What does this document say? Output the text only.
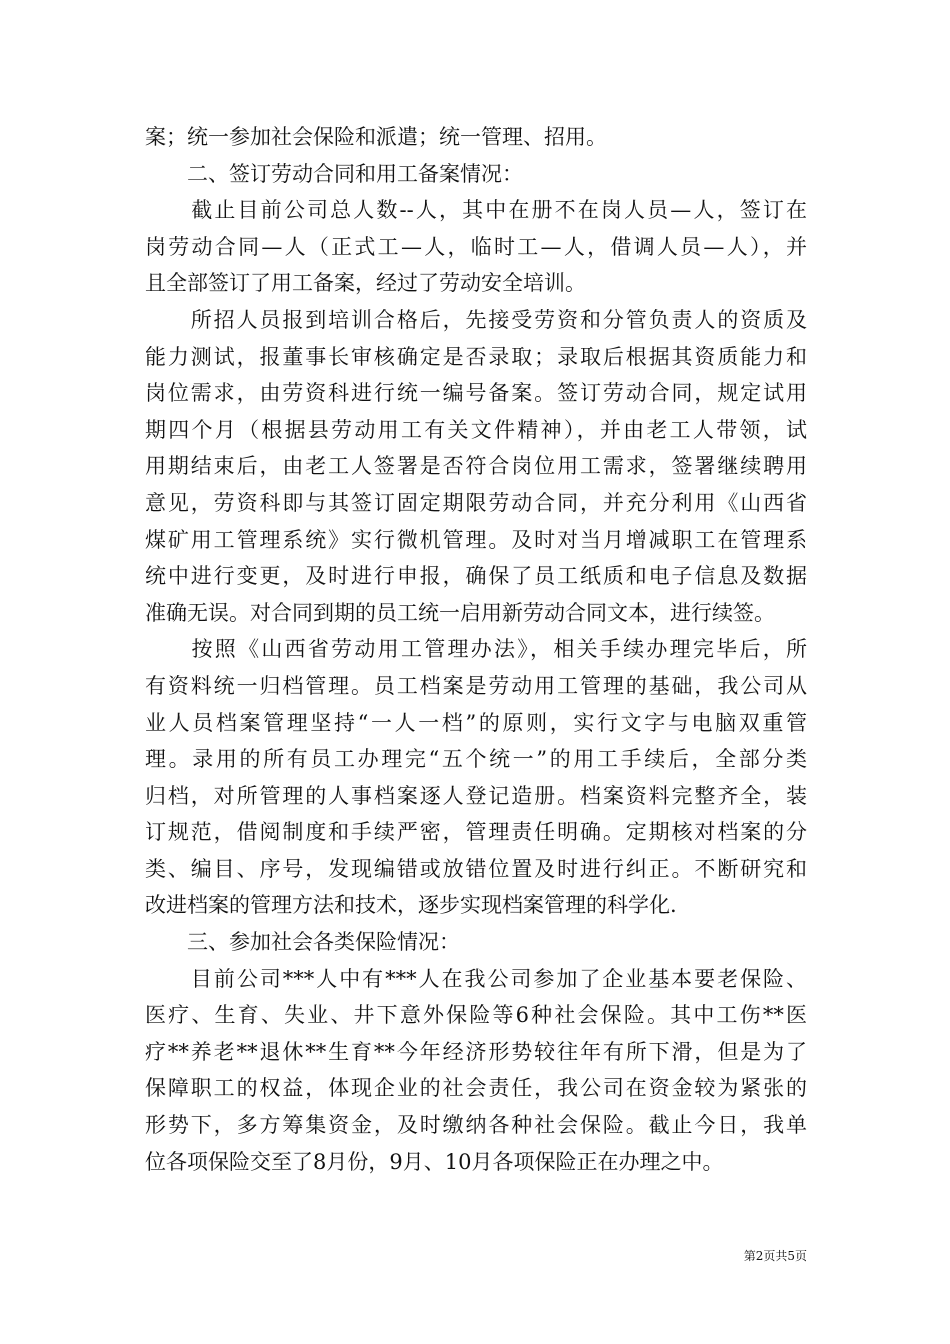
案；统一参加社会保险和派遣；统一管理、招用。
　　二、签订劳动合同和用工备案情况：
　　截止目前公司总人数--人，其中在册不在岗人员—人，签订在
岗劳动合同—人（正式工—人，临时工—人，借调人员—人），并
且全部签订了用工备案，经过了劳动安全培训。
　　所招人员报到培训合格后，先接受劳资和分管负责人的资质及
能力测试，报董事长审核确定是否录取；录取后根据其资质能力和
岗位需求，由劳资科进行统一编号备案。签订劳动合同，规定试用
期四个月（根据县劳动用工有关文件精神），并由老工人带领，试
用期结束后，由老工人签署是否符合岗位用工需求，签署继续聘用
意见，劳资科即与其签订固定期限劳动合同，并充分利用《山西省
煤矿用工管理系统》实行微机管理。及时对当月增减职工在管理系
统中进行变更，及时进行申报，确保了员工纸质和电子信息及数据
准确无误。对合同到期的员工统一启用新劳动合同文本，进行续签。
　　按照《山西省劳动用工管理办法》，相关手续办理完毕后，所
有资料统一归档管理。员工档案是劳动用工管理的基础，我公司从
业人员档案管理坚持“一人一档”的原则，实行文字与电脑双重管
理。录用的所有员工办理完“五个统一”的用工手续后，全部分类
归档，对所管理的人事档案逐人登记造册。档案资料完整齐全，装
订规范，借阅制度和手续严密，管理责任明确。定期核对档案的分
类、编目、序号，发现编错或放错位置及时进行纠正。不断研究和
改进档案的管理方法和技术，逐步实现档案管理的科学化.
　　三、参加社会各类保险情况：
　　目前公司***人中有***人在我公司参加了企业基本要老保险、
医疗、生育、失业、井下意外保险等6种社会保险。其中工伤**医
疗**养老**退休**生育**今年经济形势较往年有所下滑，但是为了
保障职工的权益，体现企业的社会责任，我公司在资金较为紧张的
形势下，多方筹集资金，及时缴纳各种社会保险。截止今日，我单
位各项保险交至了8月份，9月、10月各项保险正在办理之中。
第2页共5页
